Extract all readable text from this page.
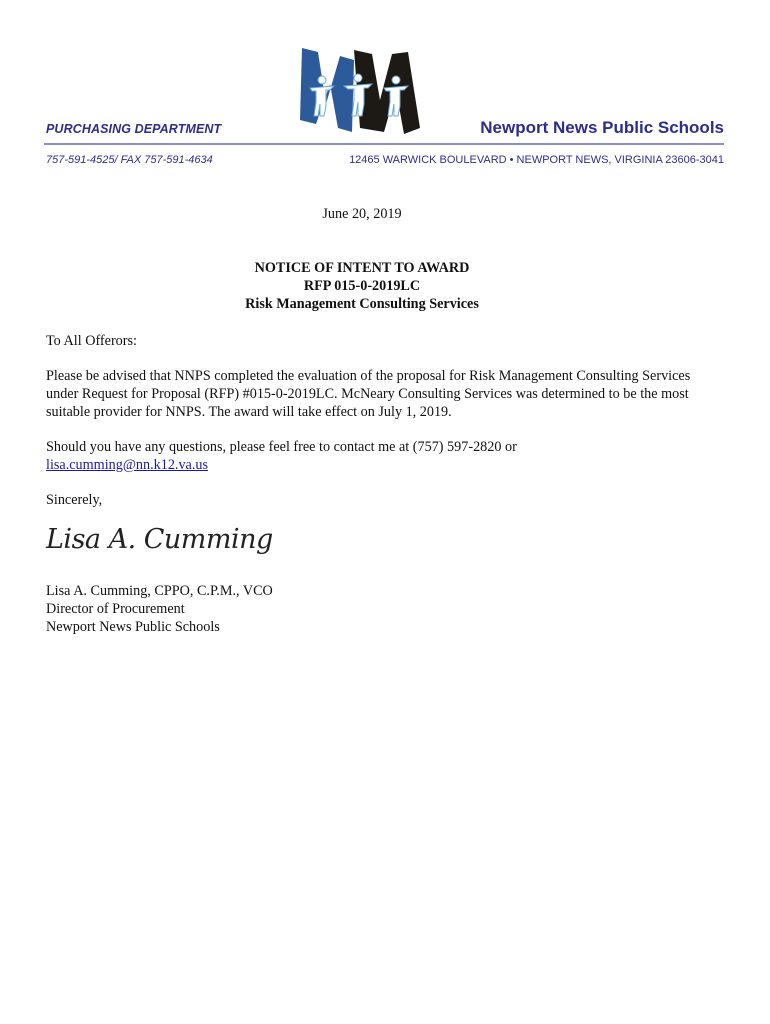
PURCHASING DEPARTMENT	Newport News Public Schools
757-591-4525/ FAX 757-591-4634	12465 WARWICK BOULEVARD • NEWPORT NEWS, VIRGINIA 23606-3041
June 20, 2019
NOTICE OF INTENT TO AWARD
RFP 015-0-2019LC
Risk Management Consulting Services
To All Offerors:
Please be advised that NNPS completed the evaluation of the proposal for Risk Management Consulting Services under Request for Proposal (RFP) #015-0-2019LC. McNeary Consulting Services was determined to be the most suitable provider for NNPS. The award will take effect on July 1, 2019.
Should you have any questions, please feel free to contact me at (757) 597-2820 or
lisa.cumming@nn.k12.va.us
Sincerely,
Lisa A. Cumming
Lisa A. Cumming, CPPO, C.P.M., VCO
Director of Procurement
Newport News Public Schools
